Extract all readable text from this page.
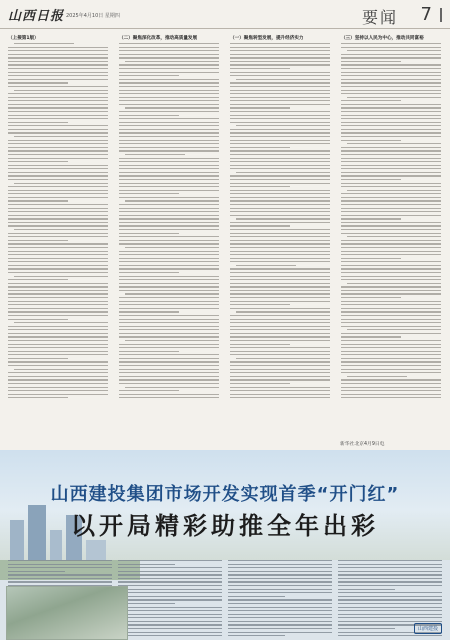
山西日报 2025年4月10日 星期四	要闻 7
（上接第1版）	（二）聚焦深化改革，推动高质量发展	（一）聚焦转型发展，提升经济实力	（三）坚持以人民为中心，推动共同富裕
新华社北京4月9日电
山西建投集团市场开发实现首季“开门红”
以开局精彩助推全年出彩
山西建投
